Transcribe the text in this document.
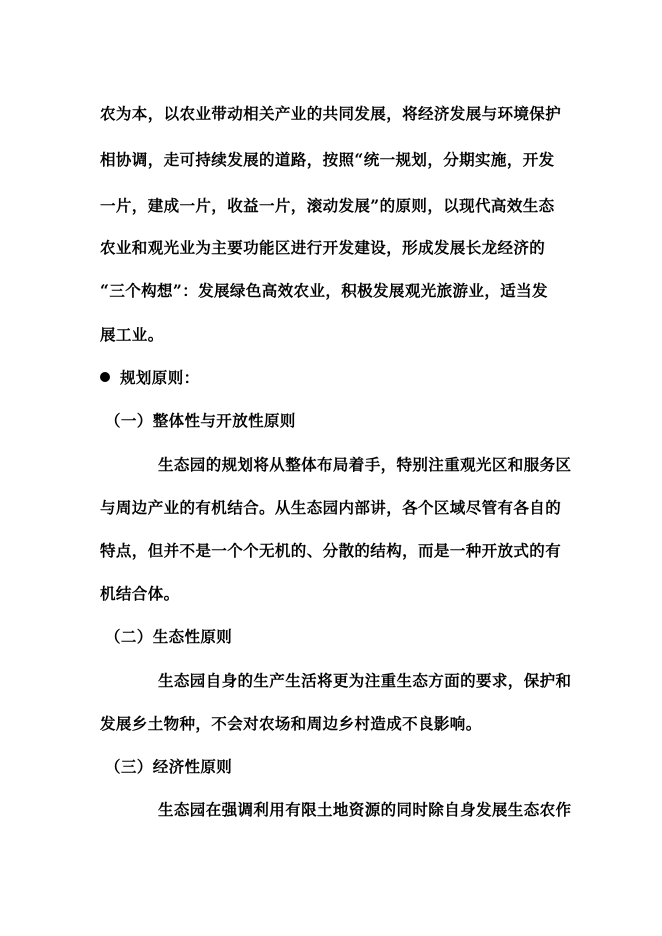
农为本，以农业带动相关产业的共同发展，将经济发展与环境保护
相协调，走可持续发展的道路，按照“统一规划，分期实施，开发
一片，建成一片，收益一片，滚动发展”的原则，以现代高效生态
农业和观光业为主要功能区进行开发建设，形成发展长龙经济的
“三个构想”：发展绿色高效农业，积极发展观光旅游业，适当发
展工业。
规划原则：
（一）整体性与开放性原则
生态园的规划将从整体布局着手，特别注重观光区和服务区
与周边产业的有机结合。从生态园内部讲，各个区域尽管有各自的
特点，但并不是一个个无机的、分散的结构，而是一种开放式的有
机结合体。
（二）生态性原则
生态园自身的生产生活将更为注重生态方面的要求，保护和
发展乡土物种，不会对农场和周边乡村造成不良影响。
（三）经济性原则
生态园在强调利用有限土地资源的同时除自身发展生态农作
